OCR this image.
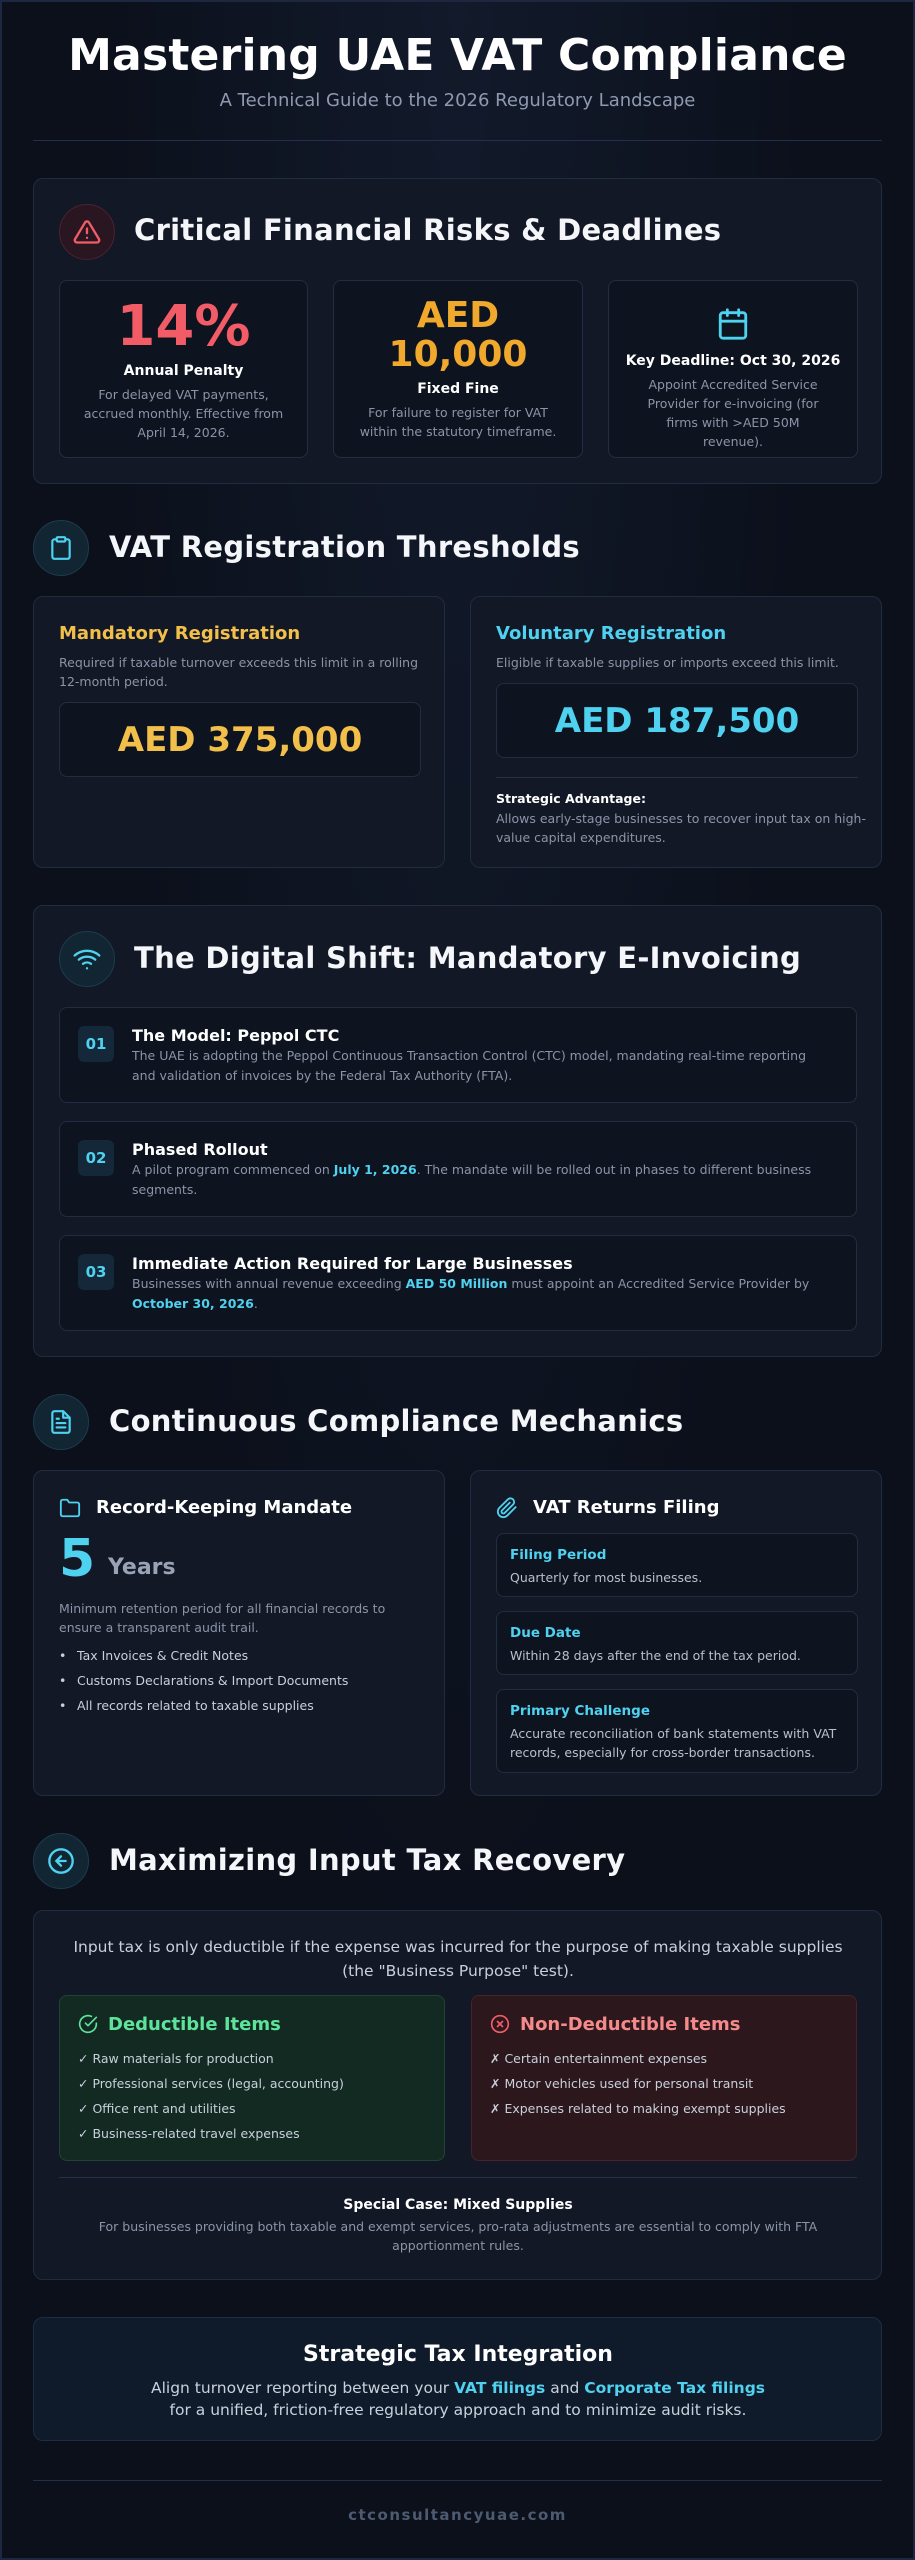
Mastering UAE VAT Compliance
A Technical Guide to the 2026 Regulatory Landscape
Critical Financial Risks & Deadlines
14%
Annual Penalty
For delayed VAT payments, accrued monthly. Effective from April 14, 2026.
AED
10,000
Fixed Fine
For failure to register for VAT within the statutory timeframe.
Key Deadline: Oct 30, 2026
Appoint Accredited Service Provider for e-invoicing (for firms with >AED 50M revenue).
VAT Registration Thresholds
Mandatory Registration
Required if taxable turnover exceeds this limit in a rolling 12-month period.
AED 375,000
Voluntary Registration
Eligible if taxable supplies or imports exceed this limit.
AED 187,500
Strategic Advantage:
Allows early-stage businesses to recover input tax on high-value capital expenditures.
The Digital Shift: Mandatory E-Invoicing
01	The Model: Peppol CTC
The UAE is adopting the Peppol Continuous Transaction Control (CTC) model, mandating real-time reporting and validation of invoices by the Federal Tax Authority (FTA).
02	Phased Rollout
A pilot program commenced on July 1, 2026. The mandate will be rolled out in phases to different business segments.
03	Immediate Action Required for Large Businesses
Businesses with annual revenue exceeding AED 50 Million must appoint an Accredited Service Provider by October 30, 2026.
Continuous Compliance Mechanics
Record-Keeping Mandate
5 Years
Minimum retention period for all financial records to ensure a transparent audit trail.
• Tax Invoices & Credit Notes
• Customs Declarations & Import Documents
• All records related to taxable supplies
VAT Returns Filing
Filing Period
Quarterly for most businesses.
Due Date
Within 28 days after the end of the tax period.
Primary Challenge
Accurate reconciliation of bank statements with VAT records, especially for cross-border transactions.
Maximizing Input Tax Recovery
Input tax is only deductible if the expense was incurred for the purpose of making taxable supplies (the "Business Purpose" test).
Deductible Items
✓ Raw materials for production
✓ Professional services (legal, accounting)
✓ Office rent and utilities
✓ Business-related travel expenses
Non-Deductible Items
✗ Certain entertainment expenses
✗ Motor vehicles used for personal transit
✗ Expenses related to making exempt supplies
Special Case: Mixed Supplies
For businesses providing both taxable and exempt services, pro-rata adjustments are essential to comply with FTA apportionment rules.
Strategic Tax Integration
Align turnover reporting between your VAT filings and Corporate Tax filings for a unified, friction-free regulatory approach and to minimize audit risks.
ctconsultancyuae.com
